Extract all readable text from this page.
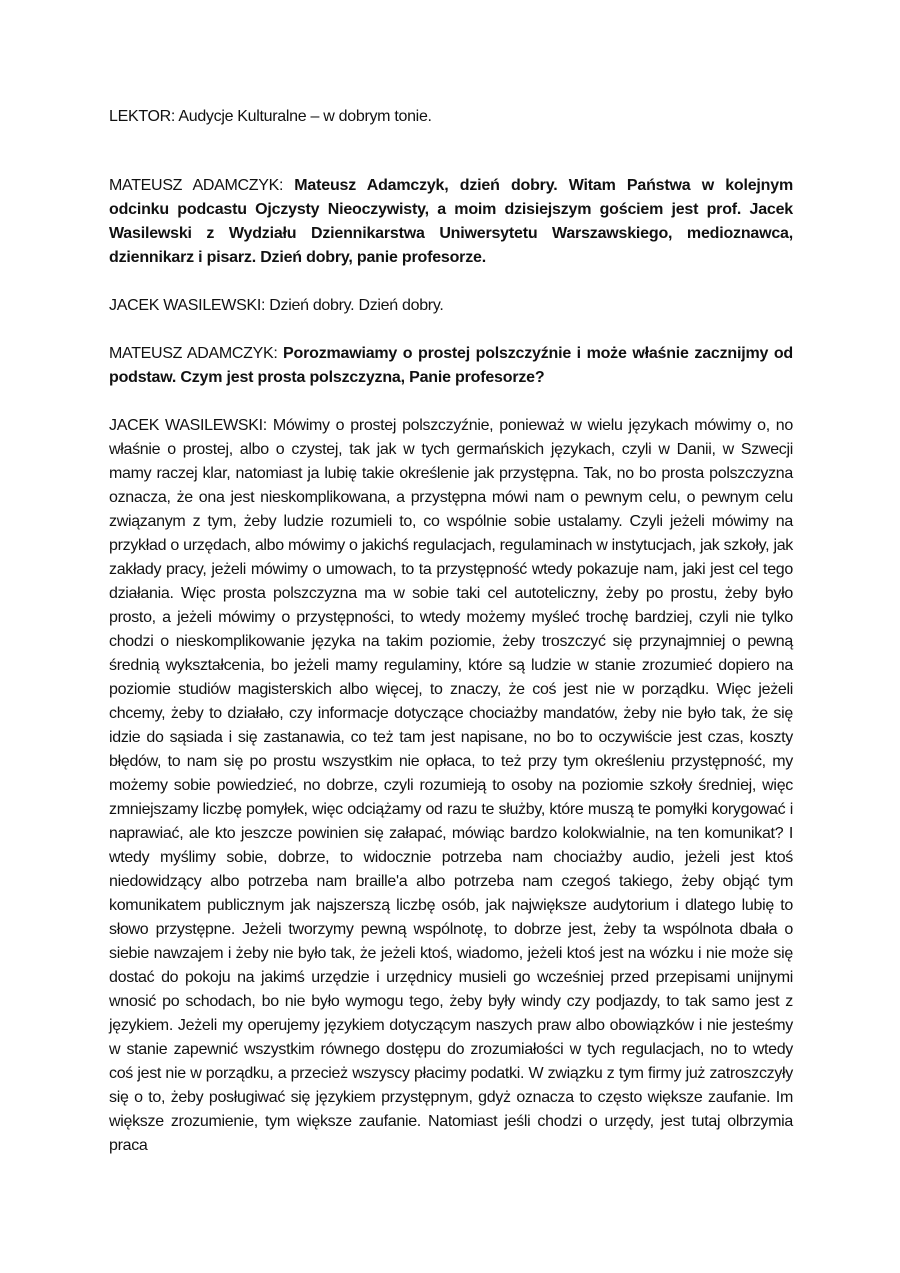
LEKTOR: Audycje Kulturalne – w dobrym tonie.

MATEUSZ ADAMCZYK: Mateusz Adamczyk, dzień dobry. Witam Państwa w kolejnym odcinku podcastu Ojczysty Nieoczywisty, a moim dzisiejszym gościem jest prof. Jacek Wasilewski z Wydziału Dziennikarstwa Uniwersytetu Warszawskiego, medioznawca, dziennikarz i pisarz. Dzień dobry, panie profesorze.

JACEK WASILEWSKI: Dzień dobry. Dzień dobry.

MATEUSZ ADAMCZYK: Porozmawiamy o prostej polszczyźnie i może właśnie zacznijmy od podstaw. Czym jest prosta polszczyzna, Panie profesorze?

JACEK WASILEWSKI: Mówimy o prostej polszczyźnie, ponieważ w wielu językach mówimy o, no właśnie o prostej, albo o czystej, tak jak w tych germańskich językach, czyli w Danii, w Szwecji mamy raczej klar, natomiast ja lubię takie określenie jak przystępna. Tak, no bo prosta polszczyzna oznacza, że ona jest nieskomplikowana, a przystępna mówi nam o pewnym celu, o pewnym celu związanym z tym, żeby ludzie rozumieli to, co wspólnie sobie ustalamy. Czyli jeżeli mówimy na przykład o urzędach, albo mówimy o jakichś regulacjach, regulaminach w instytucjach, jak szkoły, jak zakłady pracy, jeżeli mówimy o umowach, to ta przystępność wtedy pokazuje nam, jaki jest cel tego działania. Więc prosta polszczyzna ma w sobie taki cel autoteliczny, żeby po prostu, żeby było prosto, a jeżeli mówimy o przystępności, to wtedy możemy myśleć trochę bardziej, czyli nie tylko chodzi o nieskomplikowanie języka na takim poziomie, żeby troszczyć się przynajmniej o pewną średnią wykształcenia, bo jeżeli mamy regulaminy, które są ludzie w stanie zrozumieć dopiero na poziomie studiów magisterskich albo więcej, to znaczy, że coś jest nie w porządku. Więc jeżeli chcemy, żeby to działało, czy informacje dotyczące chociażby mandatów, żeby nie było tak, że się idzie do sąsiada i się zastanawia, co też tam jest napisane, no bo to oczywiście jest czas, koszty błędów, to nam się po prostu wszystkim nie opłaca, to też przy tym określeniu przystępność, my możemy sobie powiedzieć, no dobrze, czyli rozumieją to osoby na poziomie szkoły średniej, więc zmniejszamy liczbę pomyłek, więc odciążamy od razu te służby, które muszą te pomyłki korygować i naprawiać, ale kto jeszcze powinien się załapać, mówiąc bardzo kolokwialnie, na ten komunikat? I wtedy myślimy sobie, dobrze, to widocznie potrzeba nam chociażby audio, jeżeli jest ktoś niedowidzący albo potrzeba nam braille'a albo potrzeba nam czegoś takiego, żeby objąć tym komunikatem publicznym jak najszerszą liczbę osób, jak największe audytorium i dlatego lubię to słowo przystępne. Jeżeli tworzymy pewną wspólnotę, to dobrze jest, żeby ta wspólnota dbała o siebie nawzajem i żeby nie było tak, że jeżeli ktoś, wiadomo, jeżeli ktoś jest na wózku i nie może się dostać do pokoju na jakimś urzędzie i urzędnicy musieli go wcześniej przed przepisami unijnymi wnosić po schodach, bo nie było wymogu tego, żeby były windy czy podjazdy, to tak samo jest z językiem. Jeżeli my operujemy językiem dotyczącym naszych praw albo obowiązków i nie jesteśmy w stanie zapewnić wszystkim równego dostępu do zrozumiałości w tych regulacjach, no to wtedy coś jest nie w porządku, a przecież wszyscy płacimy podatki. W związku z tym firmy już zatroszczyły się o to, żeby posługiwać się językiem przystępnym, gdyż oznacza to często większe zaufanie. Im większe zrozumienie, tym większe zaufanie. Natomiast jeśli chodzi o urzędy, jest tutaj olbrzymia praca
